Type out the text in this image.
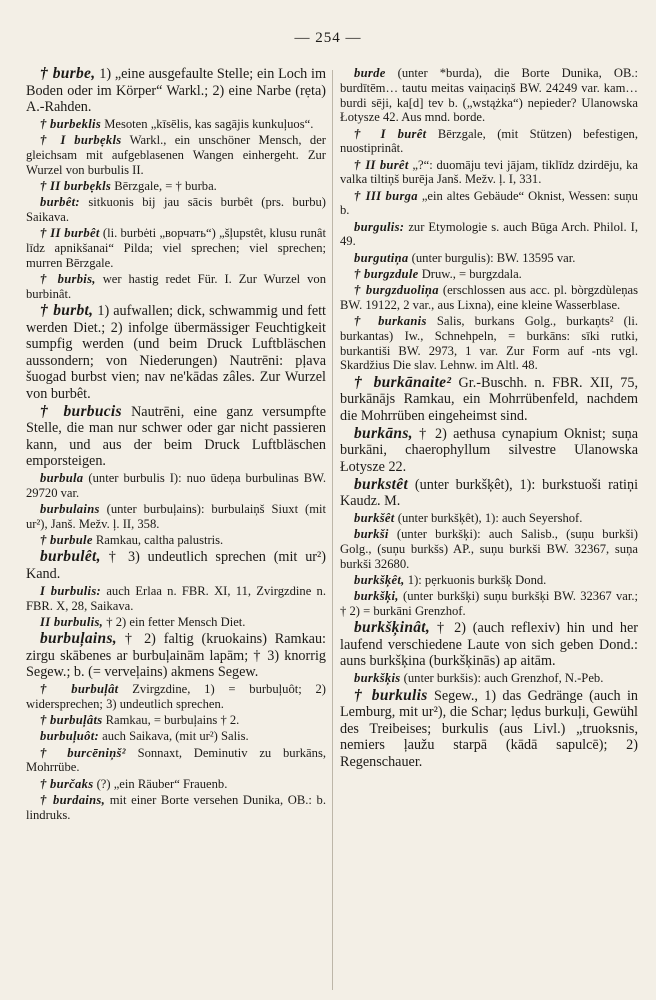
— 254 —

† burbe, 1) „eine ausgefaulte Stelle; ein Loch im Boden oder im Körper“ Warkl.; 2) eine Narbe (rẹta) A.-Rahden.

† burbeklis Mesoten „kīsēlis, kas sagājis kunkuļuos“.

† I burbẹkls Warkl., ein unschöner Mensch, der gleichsam mit aufgeblasenen Wangen einhergeht. Zur Wurzel von burbulis II.

† II burbẹkls Bērzgale, = † burba.

burbêt: sitkuonis bij jau sācis burbêt (prs. burbu) Saikava.

† II burbêt (li. burbėti „ворчать“) „šļupstêt, klusu runât līdz apnikšanai“ Pilda; viel sprechen; viel sprechen; murren Bērzgale.

† burbis, wer hastig redet Für. I. Zur Wurzel von burbinât.

† burbt, 1) aufwallen; dick, schwammig und fett werden Diet.; 2) infolge übermässiger Feuchtigkeit sumpfig werden (und beim Druck Luftbläschen aussondern; von Niederungen) Nautrēni: pļava šuogad burbst vien; nav ne'kādas zâles. Zur Wurzel von burbêt.

† burbucis Nautrēni, eine ganz versumpfte Stelle, die man nur schwer oder gar nicht passieren kann, und aus der beim Druck Luftbläschen emporsteigen.

burbula (unter burbulis I): nuo ūdeņa burbulinas BW. 29720 var.

burbulains (unter burbuļains): burbulaiņš Siuxt (mit ur²), Janš. Mežv. ļ. II, 358.

† burbule Ramkau, caltha palustris.

burbulêt, † 3) undeutlich sprechen (mit ur²) Kand.

I burbulis: auch Erlaa n. FBR. XI, 11, Zvirgzdine n. FBR. X, 28, Saikava.

II burbulis, † 2) ein fetter Mensch Diet.

burbuļains, † 2) faltig (kruokains) Ramkau: zirgu skābenes ar burbuļainām lapām; † 3) knorrig Segew.; b. (= verveļains) akmens Segew.

† burbuļât Zvirgzdine, 1) = burbuļuôt; 2) widersprechen; 3) undeutlich sprechen.

† burbuļâts Ramkau, = burbuļains † 2.

burbuļuôt: auch Saikava, (mit ur²) Salis.

† burcēniņš² Sonnaxt, Deminutiv zu burkāns, Mohrrübe.

† burčaks (?) „ein Räuber“ Frauenb.

† burdains, mit einer Borte versehen Dunika, OB.: b. lindruks.

burde (unter *burda), die Borte Dunika, OB.: burdītēm… tautu meitas vaiņaciņš BW. 24249 var. kam… burdi sēji, ka[d] tev b. („wstążka“) nepieder? Ulanowska Łotysze 42. Aus mnd. borde.

† I burêt Bērzgale, (mit Stützen) befestigen, nuostiprinât.

† II burêt „?“: duomāju tevi jājam, tiklīdz dzirdēju, ka valka tiltiņš burēja Janš. Mežv. ļ. I, 331.

† III burga „ein altes Gebäude“ Oknist, Wessen: suņu b.

burgulis: zur Etymologie s. auch Būga Arch. Philol. I, 49.

burgutiņa (unter burgulis): BW. 13595 var.

† burgzdule Druw., = burgzdala.

† burgzduoliņa (erschlossen aus acc. pl. bòrgzdùleņas BW. 19122, 2 var., aus Lixna), eine kleine Wasserblase.

† burkanis Salis, burkans Golg., burkaņts² (li. burkantas) Iw., Schnehpeln, = burkāns: sīki rutki, burkantiši BW. 2973, 1 var. Zur Form auf -nts vgl. Skardžius Die slav. Lehnw. im Altl. 48.

† burkānaite² Gr.-Buschh. n. FBR. XII, 75, burkānājs Ramkau, ein Mohrrübenfeld, nachdem die Mohrrüben eingeheimst sind.

burkāns, † 2) aethusa cynapium Oknist; suņa burkāni, chaerophyllum silvestre Ulanowska Łotysze 22.

burkstêt (unter burkšķêt), 1): burkstuoši ratiņi Kaudz. M.

burkšêt (unter burkšķêt), 1): auch Seyershof.

burkši (unter burkšķi): auch Salisb., (suņu burkši) Golg., (suņu burkšs) AP., suņu burkši BW. 32367, suņa burkši 32680.

burkšķêt, 1): pẹrkuonis burkšķ Dond.

burkšķi, (unter burkšķi) suņu burkšķi BW. 32367 var.; † 2) = burkāni Grenzhof.

burkšķinât, † 2) (auch reflexiv) hin und her laufend verschiedene Laute von sich geben Dond.: auns burkšķina (burkšķinās) ap aitām.

burkšķis (unter burkšis): auch Grenzhof, N.-Peb.

† burkulis Segew., 1) das Gedränge (auch in Lemburg, mit ur²), die Schar; lẹdus burkuļi, Gewühl des Treibeises; burkulis (aus Livl.) „truoksnis, nemiers ļaužu starpā (kādā sapulcē); 2) Regenschauer.
